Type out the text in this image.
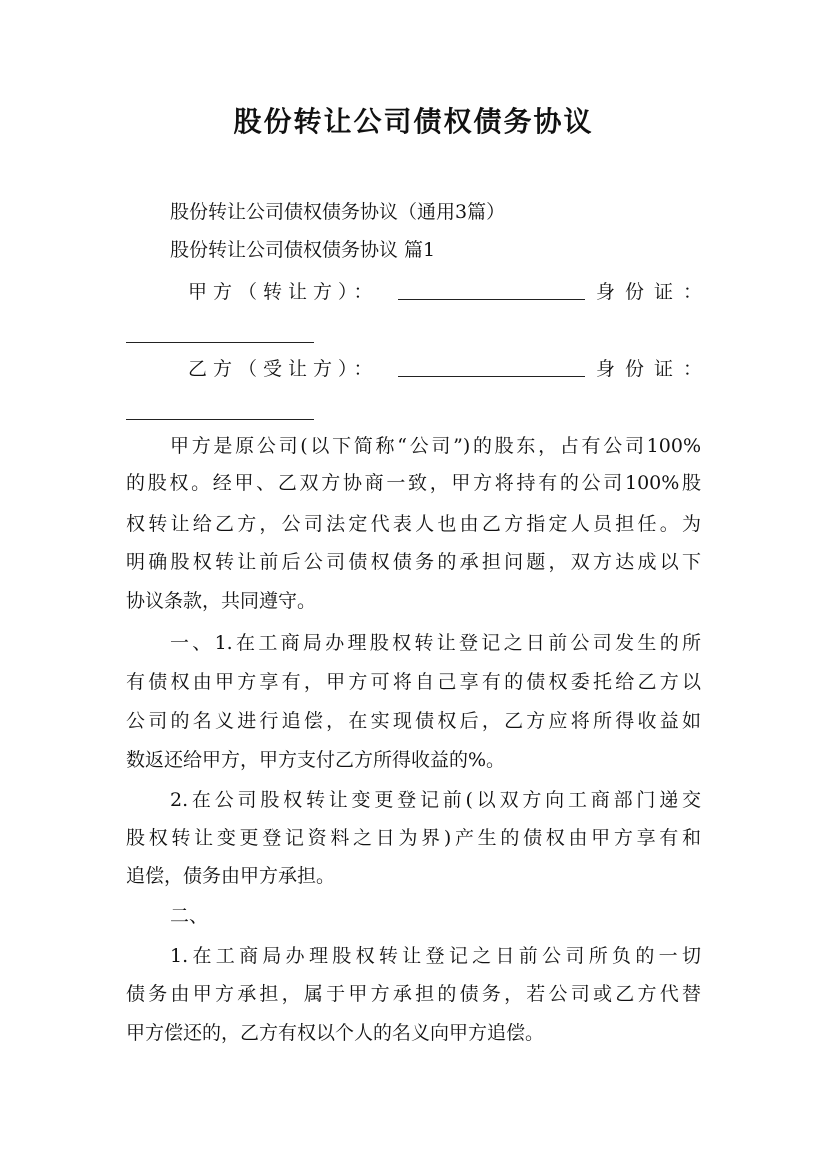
股份转让公司债权债务协议
股份转让公司债权债务协议（通用3篇）
股份转让公司债权债务协议 篇1
甲方（转让方）：	身份证：
乙方（受让方）：	身份证：
甲方是原公司(以下简称“公司”)的股东，占有公司100%
的股权。经甲、乙双方协商一致，甲方将持有的公司100%股
权转让给乙方，公司法定代表人也由乙方指定人员担任。为
明确股权转让前后公司债权债务的承担问题，双方达成以下
协议条款，共同遵守。
一、1.在工商局办理股权转让登记之日前公司发生的所
有债权由甲方享有，甲方可将自己享有的债权委托给乙方以
公司的名义进行追偿，在实现债权后，乙方应将所得收益如
数返还给甲方，甲方支付乙方所得收益的%。
2.在公司股权转让变更登记前(以双方向工商部门递交
股权转让变更登记资料之日为界)产生的债权由甲方享有和
追偿，债务由甲方承担。
二、
1.在工商局办理股权转让登记之日前公司所负的一切
债务由甲方承担，属于甲方承担的债务，若公司或乙方代替
甲方偿还的，乙方有权以个人的名义向甲方追偿。
